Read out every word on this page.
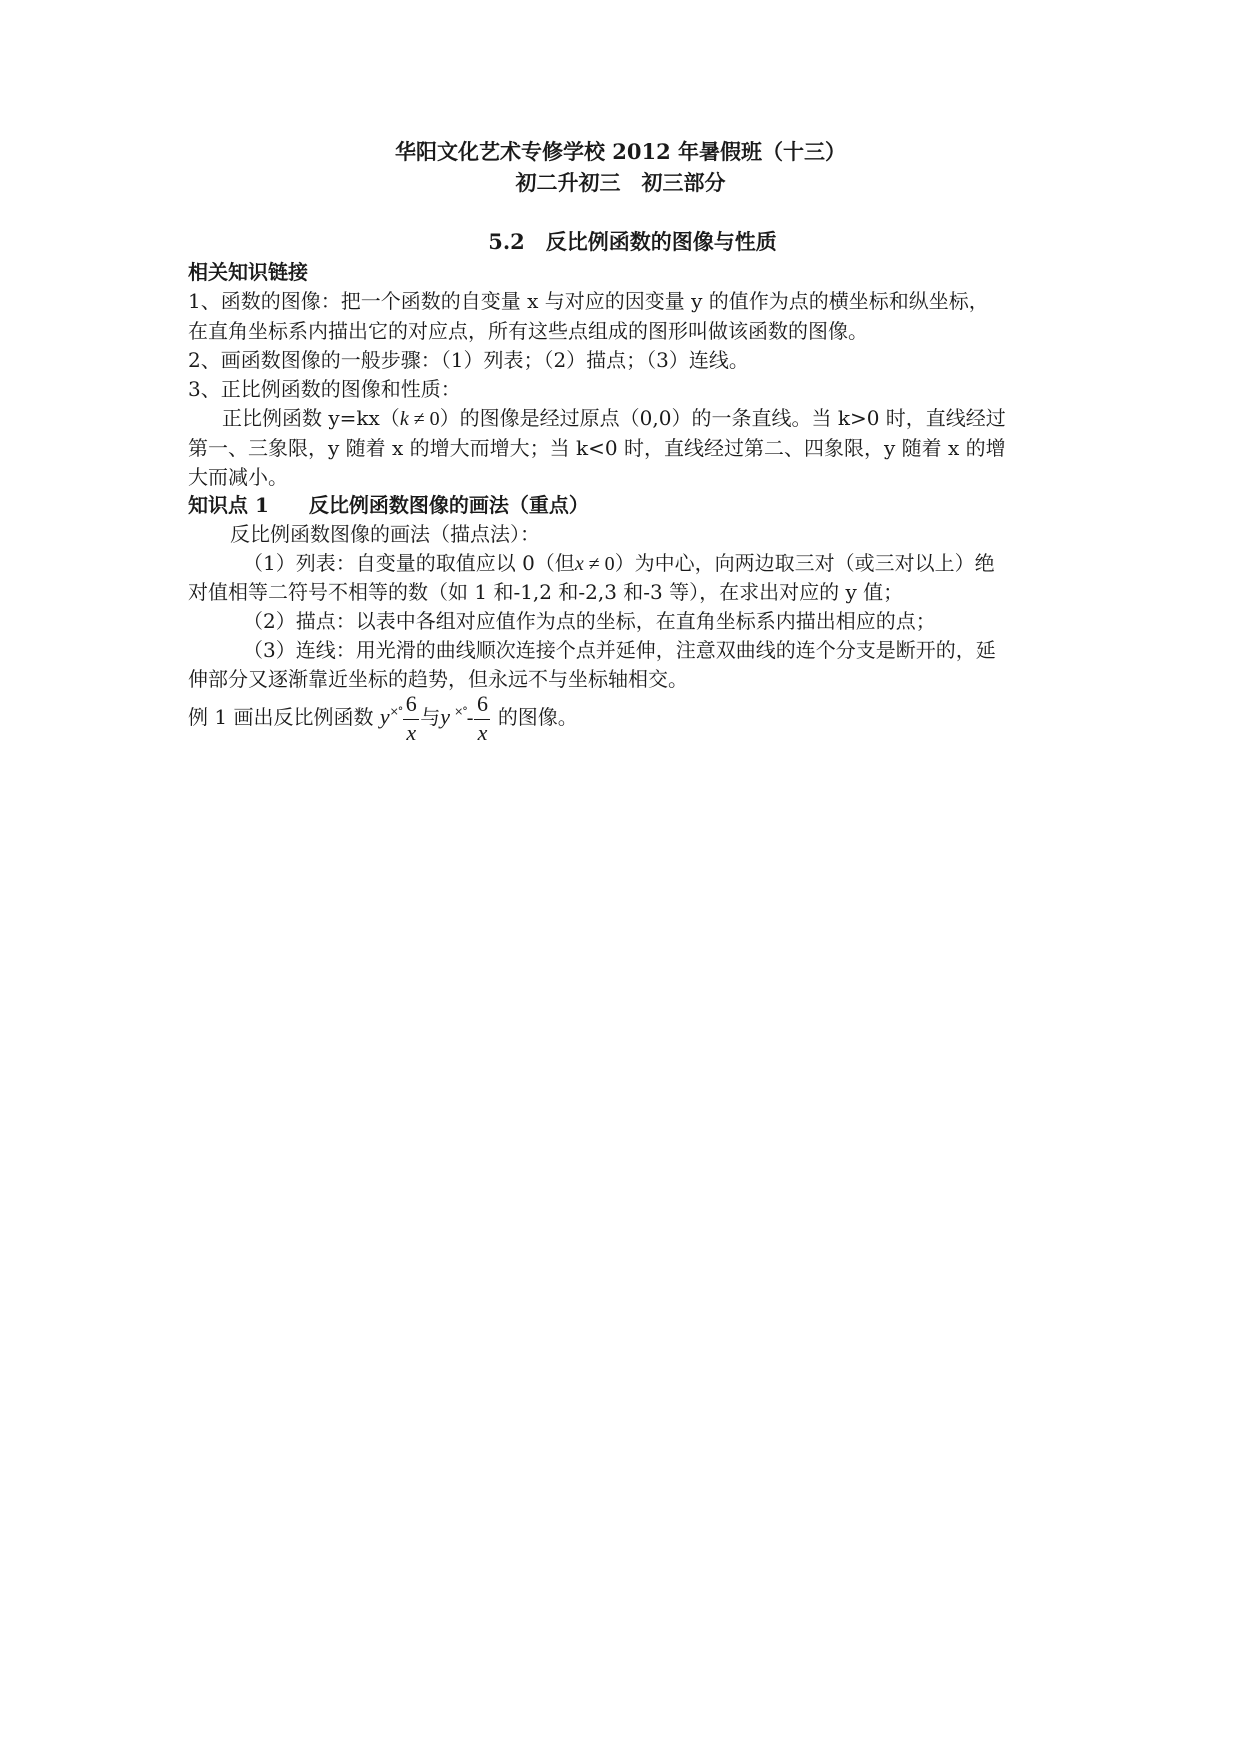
华阳文化艺术专修学校 2012 年暑假班（十三）
初二升初三　初三部分
5.2　反比例函数的图像与性质
相关知识链接
1、函数的图像：把一个函数的自变量 x 与对应的因变量 y 的值作为点的横坐标和纵坐标，
在直角坐标系内描出它的对应点，所有这些点组成的图形叫做该函数的图像。
2、画函数图像的一般步骤：（1）列表；（2）描点；（3）连线。
3、正比例函数的图像和性质：
正比例函数 y=kx（k ≠ 0）的图像是经过原点（0,0）的一条直线。当 k>0 时，直线经过
第一、三象限，y 随着 x 的增大而增大；当 k<0 时，直线经过第二、四象限，y 随着 x 的增
大而减小。
知识点 1　　反比例函数图像的画法（重点）
反比例函数图像的画法（描点法）：
（1）列表：自变量的取值应以 0（但x ≠ 0）为中心，向两边取三对（或三对以上）绝
对值相等二符号不相等的数（如 1 和-1,2 和-2,3 和-3 等），在求出对应的 y 值；
（2）描点：以表中各组对应值作为点的坐标，在直角坐标系内描出相应的点；
（3）连线：用光滑的曲线顺次连接个点并延伸，注意双曲线的连个分支是断开的，延
伸部分又逐渐靠近坐标的趋势，但永远不与坐标轴相交。
例 1 画出反比例函数 $y^{\times^\circ} \frac{6}{x}$ 与y $^{\times^\circ}- \frac{6}{x}$ 的图像。
